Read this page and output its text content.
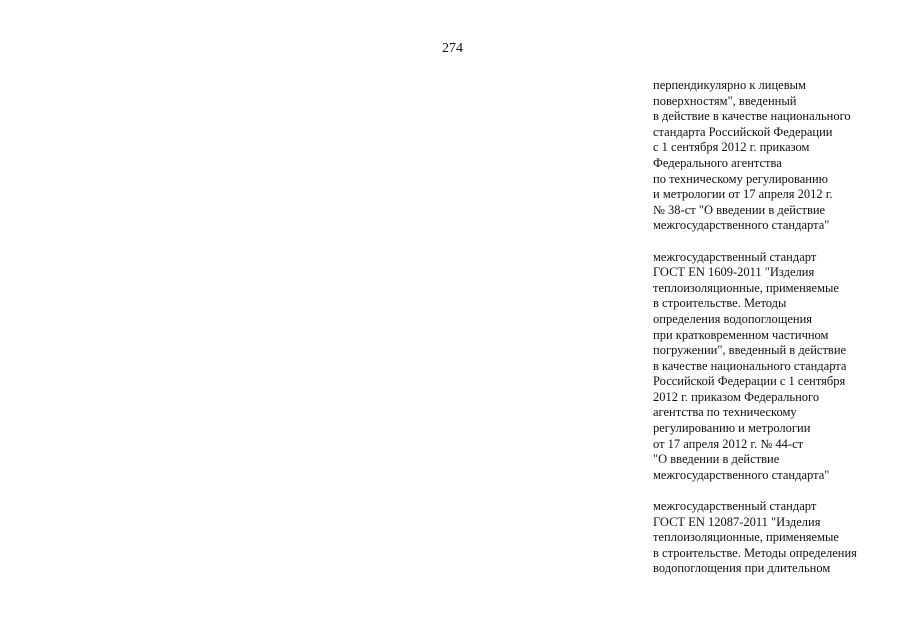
274
перпендикулярно к лицевым
поверхностям", введенный
в действие в качестве национального
стандарта Российской Федерации
с 1 сентября 2012 г. приказом
Федерального агентства
по техническому регулированию
и метрологии от 17 апреля 2012 г.
№ 38-ст "О введении в действие
межгосударственного стандарта"
межгосударственный стандарт
ГОСТ EN 1609-2011 "Изделия
теплоизоляционные, применяемые
в строительстве. Методы
определения водопоглощения
при кратковременном частичном
погружении", введенный в действие
в качестве национального стандарта
Российской Федерации с 1 сентября
2012 г. приказом Федерального
агентства по техническому
регулированию и метрологии
от 17 апреля 2012 г. № 44-ст
"О введении в действие
межгосударственного стандарта"
межгосударственный стандарт
ГОСТ EN 12087-2011 "Изделия
теплоизоляционные, применяемые
в строительстве. Методы определения
водопоглощения при длительном
